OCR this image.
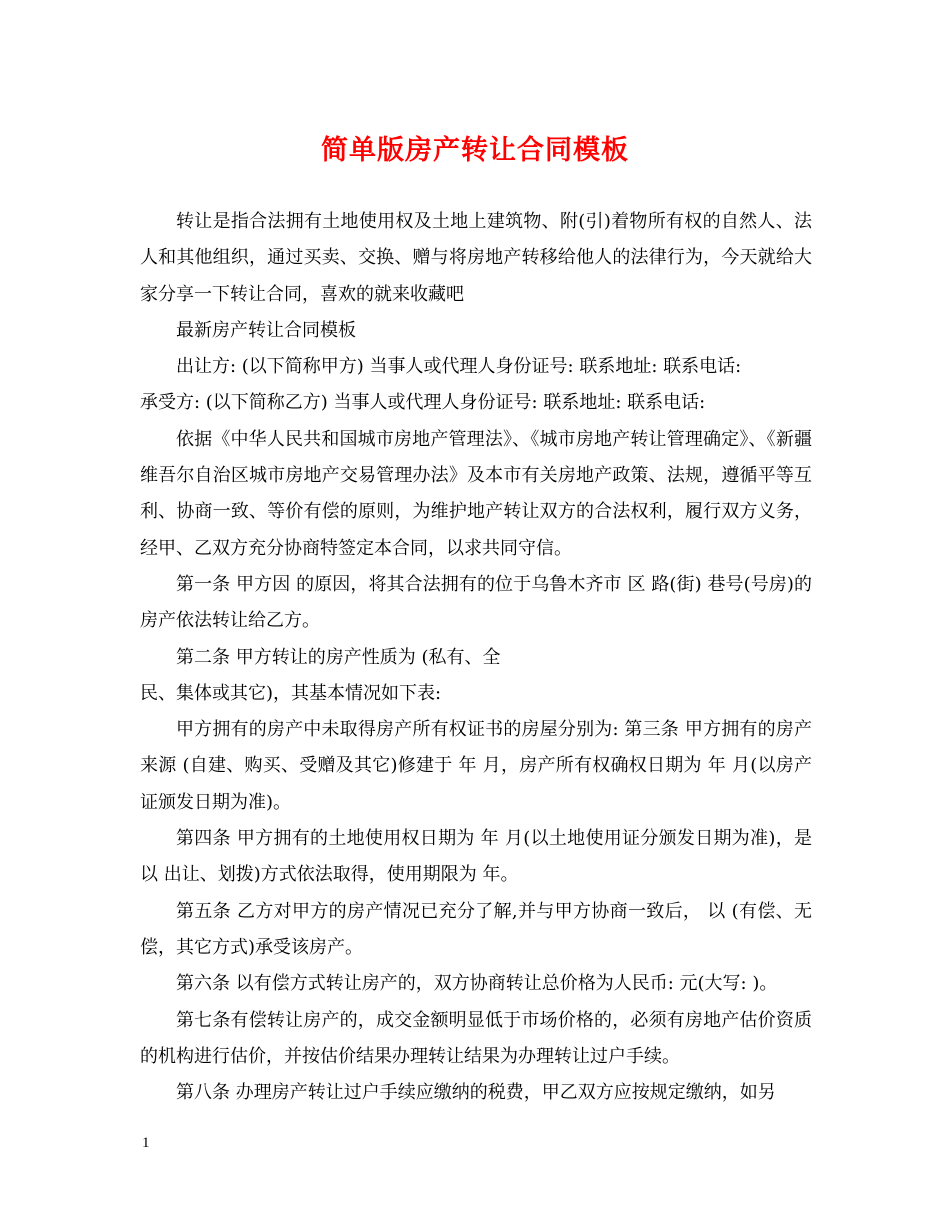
简单版房产转让合同模板

转让是指合法拥有土地使用权及土地上建筑物、附(引)着物所有权的自然人、法人和其他组织，通过买卖、交换、赠与将房地产转移给他人的法律行为，今天就给大家分享一下转让合同，喜欢的就来收藏吧

最新房产转让合同模板

出让方: (以下简称甲方) 当事人或代理人身份证号: 联系地址: 联系电话:

承受方: (以下简称乙方) 当事人或代理人身份证号: 联系地址: 联系电话:

依据《中华人民共和国城市房地产管理法》、《城市房地产转让管理确定》、《新疆维吾尔自治区城市房地产交易管理办法》及本市有关房地产政策、法规，遵循平等互利、协商一致、等价有偿的原则，为维护地产转让双方的合法权利，履行双方义务，经甲、乙双方充分协商特签定本合同，以求共同守信。

第一条 甲方因 的原因，将其合法拥有的位于乌鲁木齐市 区 路(街) 巷号(号房)的房产依法转让给乙方。

第二条 甲方转让的房产性质为 (私有、全

民、集体或其它)，其基本情况如下表:

甲方拥有的房产中未取得房产所有权证书的房屋分别为: 第三条 甲方拥有的房产来源 (自建、购买、受赠及其它)修建于 年 月，房产所有权确权日期为 年 月(以房产证颁发日期为准)。

第四条 甲方拥有的土地使用权日期为 年 月(以土地使用证分颁发日期为准)，是以 出让、划拨)方式依法取得，使用期限为 年。

第五条 乙方对甲方的房产情况已充分了解,并与甲方协商一致后， 以 (有偿、无偿，其它方式)承受该房产。

第六条 以有偿方式转让房产的，双方协商转让总价格为人民币: 元(大写: )。

第七条有偿转让房产的，成交金额明显低于市场价格的，必须有房地产估价资质的机构进行估价，并按估价结果办理转让结果为办理转让过户手续。

第八条 办理房产转让过户手续应缴纳的税费，甲乙双方应按规定缴纳，如另

1
